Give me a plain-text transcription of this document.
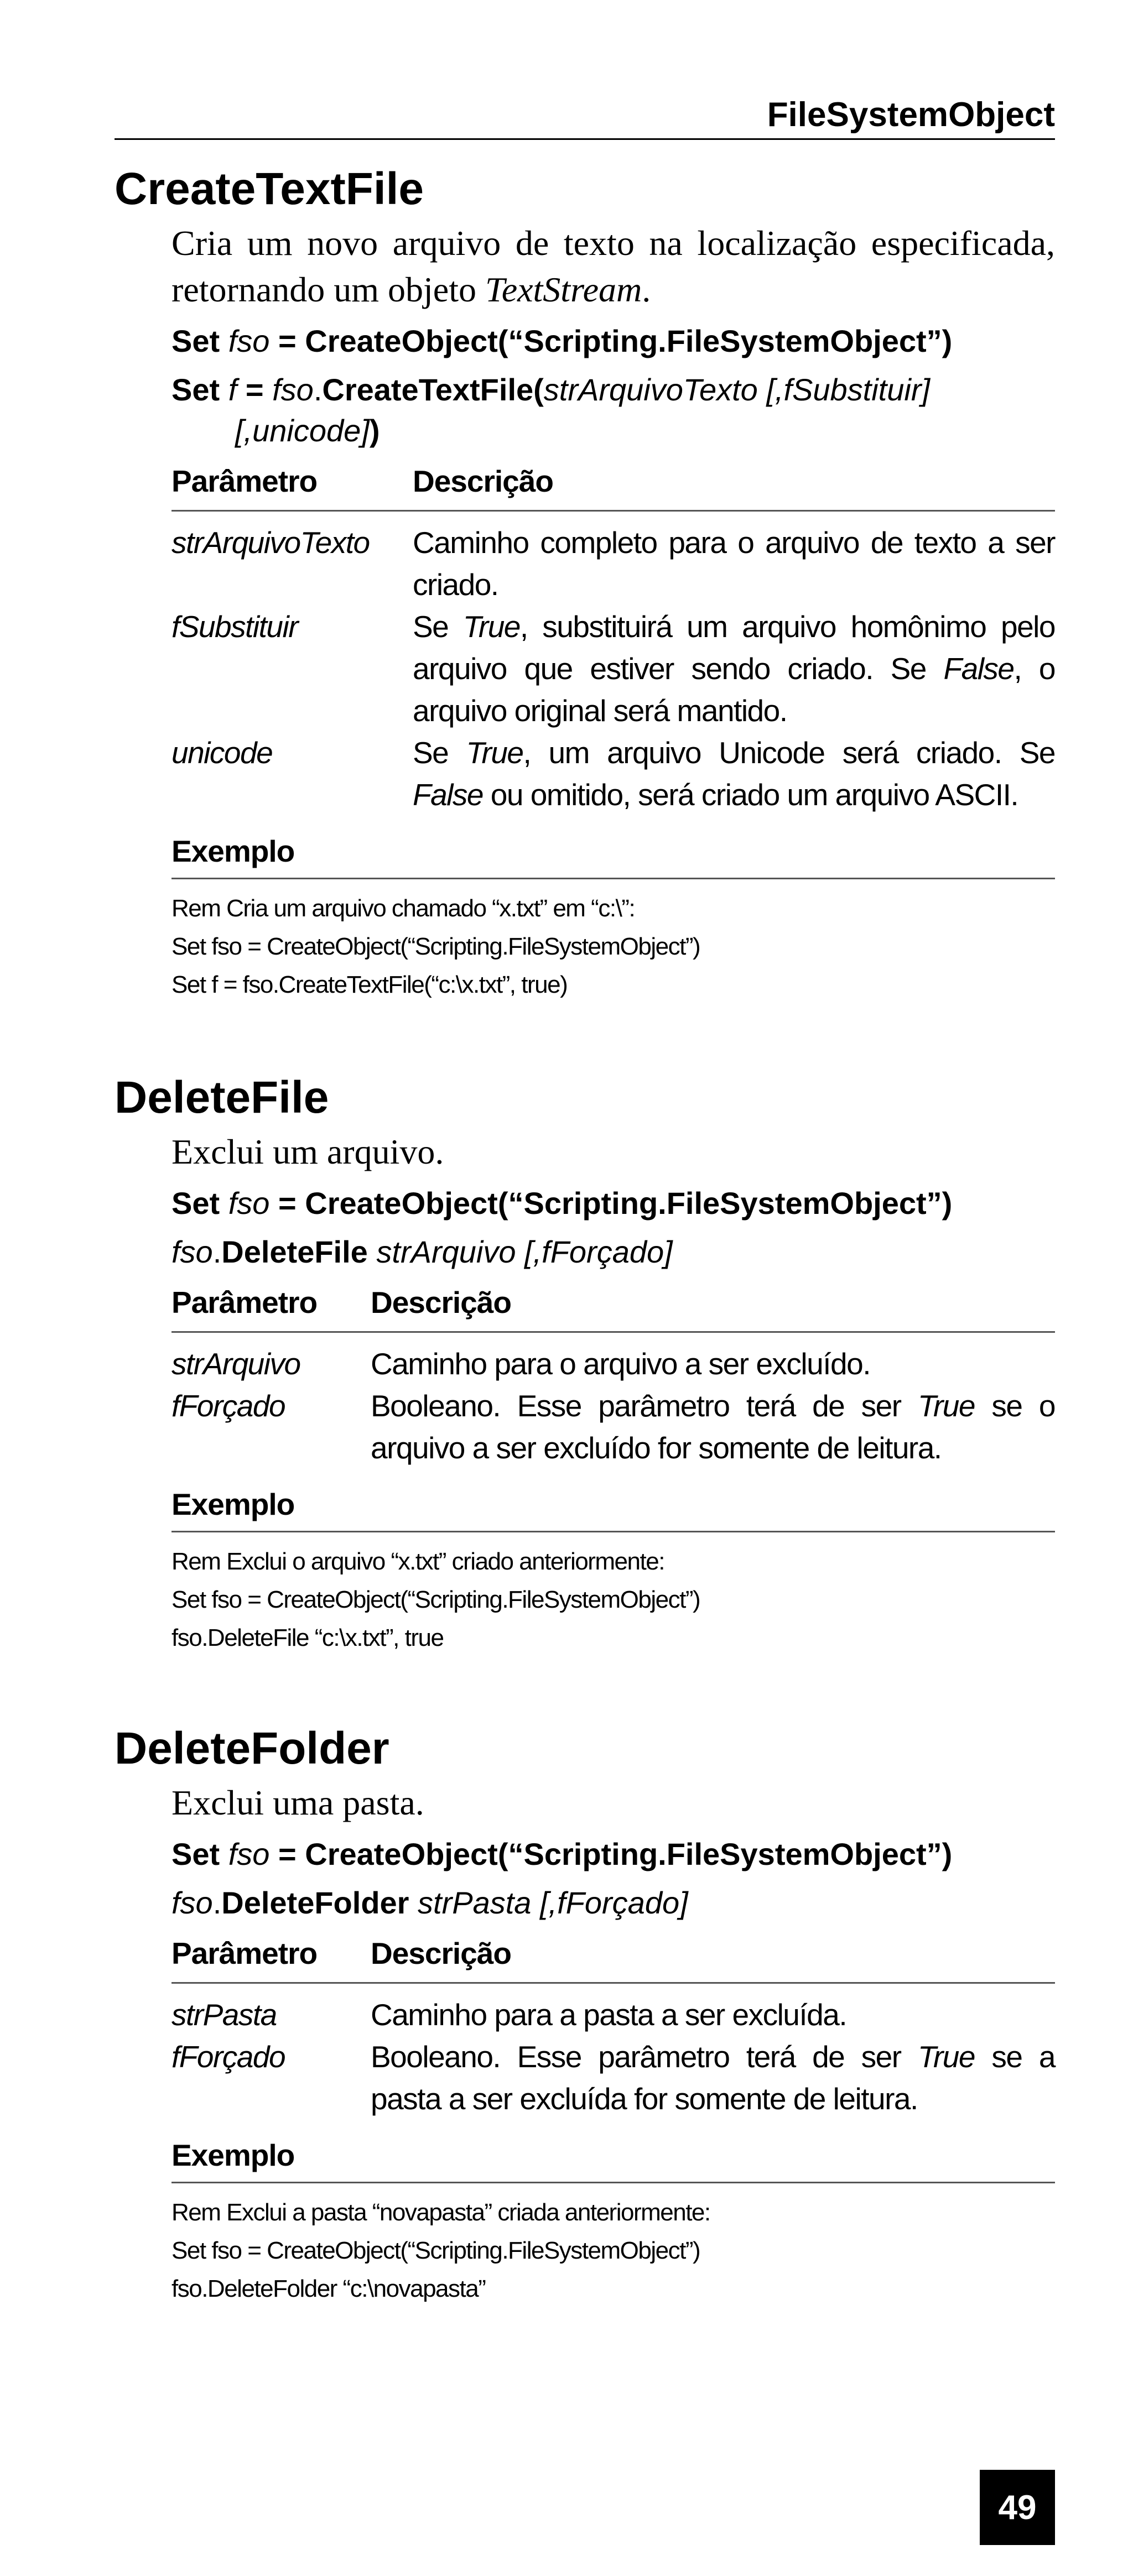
FileSystemObject
CreateTextFile

Cria um novo arquivo de texto na localização especificada, retornando um objeto TextStream.

Set fso = CreateObject(“Scripting.FileSystemObject”)
Set f = fso.CreateTextFile(strArquivoTexto [,fSubstituir]
[,unicode])
Parâmetro	Descrição
strArquivoTexto	Caminho completo para o arquivo de texto a ser criado.
fSubstituir	Se True, substituirá um arquivo homônimo pelo arquivo que estiver sendo criado. Se False, o arquivo original será mantido.
unicode	Se True, um arquivo Unicode será criado. Se False ou omitido, será criado um arquivo ASCII.
Exemplo
Rem Cria um arquivo chamado “x.txt” em “c:\”:
Set fso = CreateObject(“Scripting.FileSystemObject”)
Set f = fso.CreateTextFile(“c:\x.txt”, true)
DeleteFile

Exclui um arquivo.

Set fso = CreateObject(“Scripting.FileSystemObject”)
fso.DeleteFile strArquivo [,fForçado]
Parâmetro	Descrição
strArquivo	Caminho para o arquivo a ser excluído.
fForçado	Booleano. Esse parâmetro terá de ser True se o arquivo a ser excluído for somente de leitura.
Exemplo
Rem Exclui o arquivo “x.txt” criado anteriormente:
Set fso = CreateObject(“Scripting.FileSystemObject”)
fso.DeleteFile “c:\x.txt”, true
DeleteFolder

Exclui uma pasta.

Set fso = CreateObject(“Scripting.FileSystemObject”)
fso.DeleteFolder strPasta [,fForçado]
Parâmetro	Descrição
strPasta	Caminho para a pasta a ser excluída.
fForçado	Booleano. Esse parâmetro terá de ser True se a pasta a ser excluída for somente de leitura.
Exemplo
Rem Exclui a pasta “novapasta” criada anteriormente:
Set fso = CreateObject(“Scripting.FileSystemObject”)
fso.DeleteFolder “c:\novapasta”
49
